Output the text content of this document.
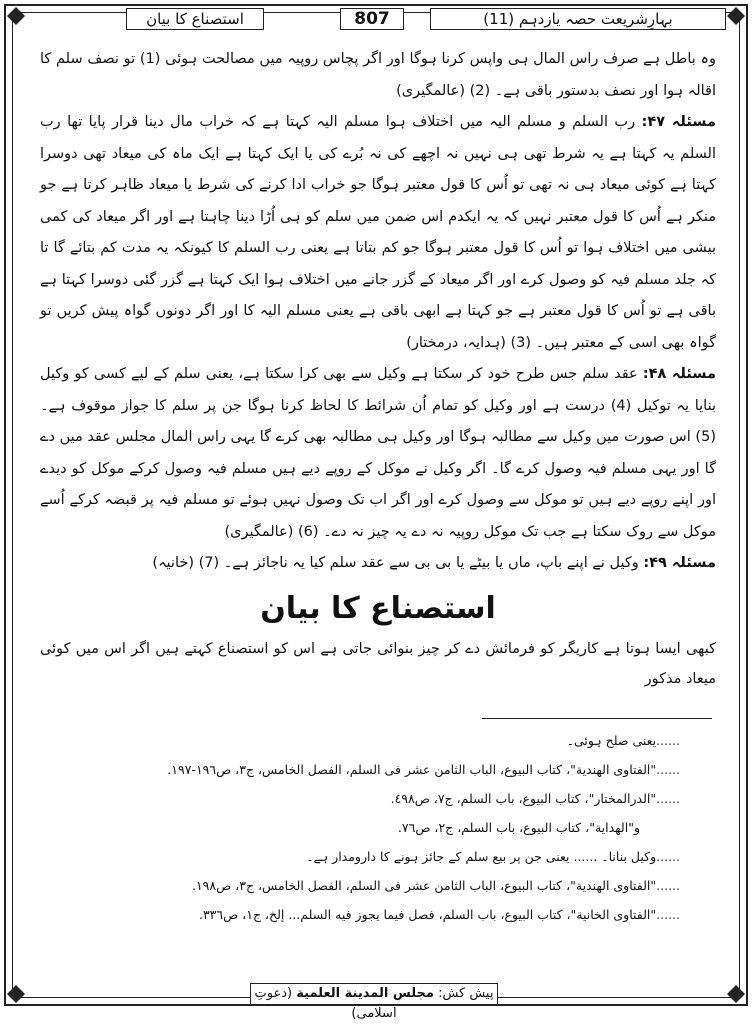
استصناع کا بیان	807	بہارِشریعت حصہ یازدہم (11)

وہ باطل ہے صرف راس المال ہی واپس کرنا ہوگا اور اگر پچاس روپیہ میں مصالحت ہوئی (1) تو نصف سلم کا اقالہ ہوا اور نصف بدستور باقی ہے۔ (2) (عالمگیری)

مسئلہ ۴۷: رب السلم و مسلم الیہ میں اختلاف ہوا مسلم الیہ کہتا ہے کہ خراب مال دینا قرار پایا تھا رب السلم یہ کہتا ہے یہ شرط تھی ہی نہیں نہ اچھے کی نہ بُرے کی یا ایک کہتا ہے ایک ماہ کی میعاد تھی دوسرا کہتا ہے کوئی میعاد ہی نہ تھی تو اُس کا قول معتبر ہوگا جو خراب ادا کرنے کی شرط یا میعاد ظاہر کرتا ہے جو منکر ہے اُس کا قول معتبر نہیں کہ یہ ایکدم اس ضمن میں سلم کو ہی اُڑا دینا چاہتا ہے اور اگر میعاد کی کمی بیشی میں اختلاف ہوا تو اُس کا قول معتبر ہوگا جو کم بتاتا ہے یعنی رب السلم کا کیونکہ یہ مدت کم بتائے گا تا کہ جلد مسلم فیہ کو وصول کرے اور اگر میعاد کے گزر جانے میں اختلاف ہوا ایک کہتا ہے گزر گئی دوسرا کہتا ہے باقی ہے تو اُس کا قول معتبر ہے جو کہتا ہے ابھی باقی ہے یعنی مسلم الیہ کا اور اگر دونوں گواہ پیش کریں تو گواہ بھی اسی کے معتبر ہیں۔ (3) (ہدایہ، درمختار)

مسئلہ ۴۸: عقد سلم جس طرح خود کر سکتا ہے وکیل سے بھی کرا سکتا ہے، یعنی سلم کے لیے کسی کو وکیل بنایا یہ توکیل (4) درست ہے اور وکیل کو تمام اُن شرائط کا لحاظ کرنا ہوگا جن پر سلم کا جواز موقوف ہے۔ (5) اس صورت میں وکیل سے مطالبہ ہوگا اور وکیل ہی مطالبہ بھی کرے گا یہی راس المال مجلس عقد میں دے گا اور یہی مسلم فیہ وصول کرے گا۔ اگر وکیل نے موکل کے روپے دیے ہیں مسلم فیہ وصول کرکے موکل کو دیدے اور اپنے روپے دیے ہیں تو موکل سے وصول کرے اور اگر اب تک وصول نہیں ہوئے تو مسلم فیہ پر قبضہ کرکے اُسے موکل سے روک سکتا ہے جب تک موکل روپیہ نہ دے یہ چیز نہ دے۔ (6) (عالمگیری)

مسئلہ ۴۹: وکیل نے اپنے باپ، ماں یا بیٹے یا بی بی سے عقد سلم کیا یہ ناجائز ہے۔ (7) (خانیہ)

استصناع کا بیان

کبھی ایسا ہوتا ہے کاریگر کو فرمائش دے کر چیز بنوائی جاتی ہے اس کو استصناع کہتے ہیں اگر اس میں کوئی میعاد مذکور

......یعنی صلح ہوئی۔

......"الفتاوی الھندیة"، کتاب البیوع، الباب الثامن عشر فی السلم، الفصل الخامس، ج٣، ص١٩٦-١٩٧.

......"الدرالمختار"، کتاب البیوع، باب السلم، ج٧، ص٤٩٨.

و"الھدایة"، کتاب البیوع، باب السلم، ج٢، ص٧٦.

......وکیل بنانا۔ ...... یعنی جن پر بیع سلم کے جائز ہونے کا دارومدار ہے۔

......"الفتاوی الھندیة"، کتاب البیوع، الباب الثامن عشر فی السلم، الفصل الخامس، ج٣، ص١٩٨.

......"الفتاوی الخانیة"، کتاب البیوع، باب السلم، فصل فیما یجوز فیه السلم... إلخ، ج١، ص٣٣٦.

پیش کش: مجلس المدینة العلمیة (دعوتِ اسلامی)
